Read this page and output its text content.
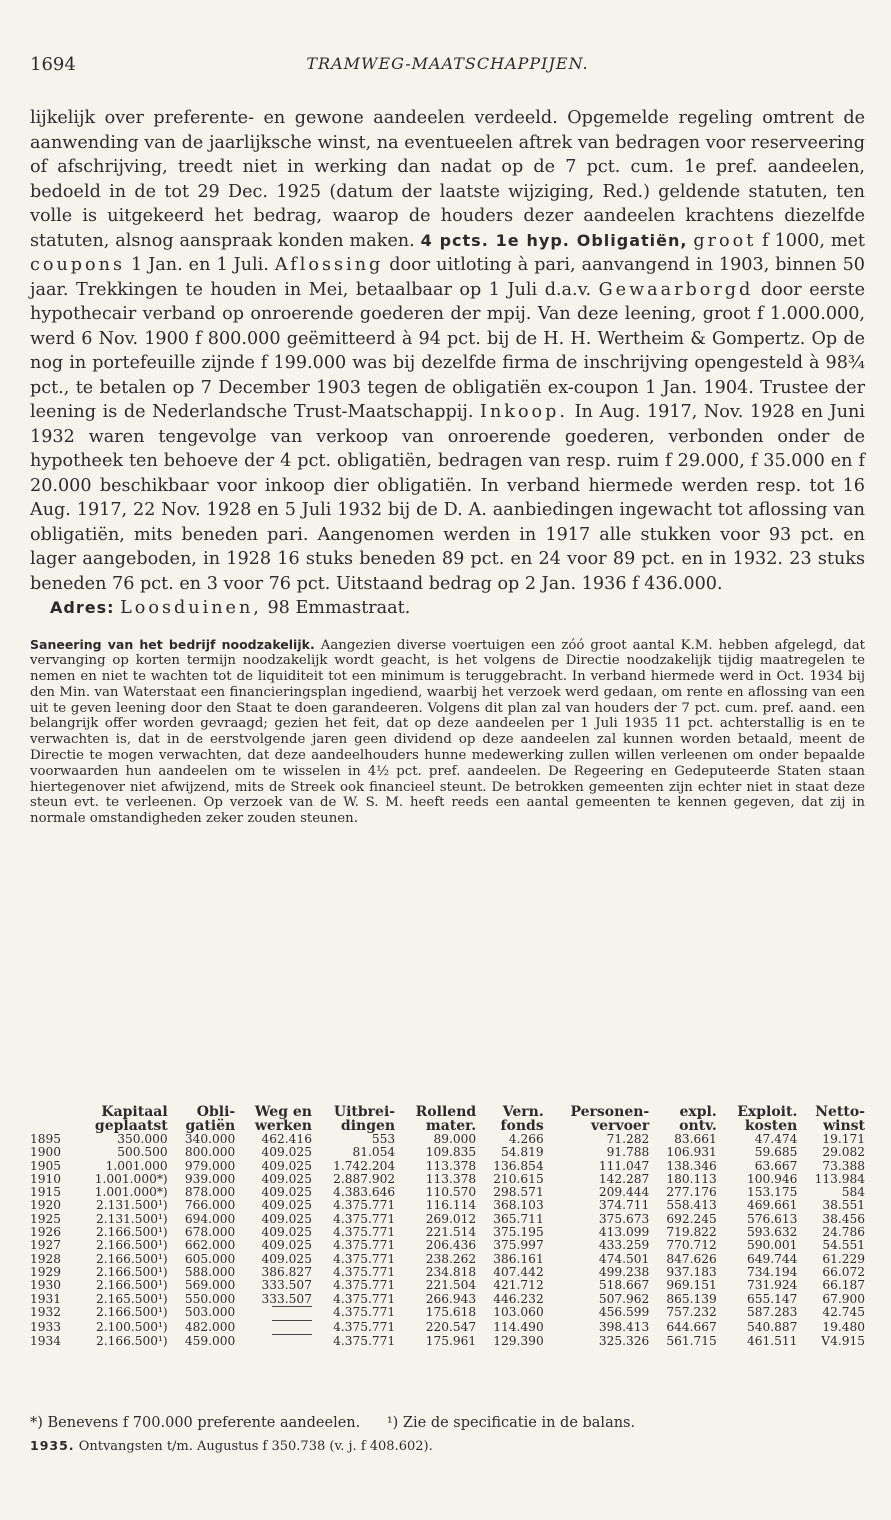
1694	TRAMWEG-MAATSCHAPPIJEN.

lijkelijk over preferente- en gewone aandeelen verdeeld. Opgemelde regeling omtrent de aanwending van de jaarlijksche winst, na eventueelen aftrek van bedragen voor reserveering of afschrijving, treedt niet in werking dan nadat op de 7 pct. cum. 1e pref. aandeelen, bedoeld in de tot 29 Dec. 1925 (datum der laatste wijziging, Red.) geldende statuten, ten volle is uitgekeerd het bedrag, waarop de houders dezer aandeelen krachtens diezelfde statuten, alsnog aanspraak konden maken. 4 pcts. 1e hyp. Obligatiën, groot f 1000, met coupons 1 Jan. en 1 Juli. Aflossing door uitloting à pari, aanvangend in 1903, binnen 50 jaar. Trekkingen te houden in Mei, betaalbaar op 1 Juli d.a.v. Gewaarborgd door eerste hypothecair verband op onroerende goederen der mpij. Van deze leening, groot f 1.000.000, werd 6 Nov. 1900 f 800.000 geëmitteerd à 94 pct. bij de H. H. Wertheim & Gompertz. Op de nog in portefeuille zijnde f 199.000 was bij dezelfde firma de inschrijving opengesteld à 98¾ pct., te betalen op 7 December 1903 tegen de obligatiën ex-coupon 1 Jan. 1904. Trustee der leening is de Nederlandsche Trust-Maatschappij. Inkoop. In Aug. 1917, Nov. 1928 en Juni 1932 waren tengevolge van verkoop van onroerende goederen, verbonden onder de hypotheek ten behoeve der 4 pct. obligatiën, bedragen van resp. ruim f 29.000, f 35.000 en f 20.000 beschikbaar voor inkoop dier obligatiën. In verband hiermede werden resp. tot 16 Aug. 1917, 22 Nov. 1928 en 5 Juli 1932 bij de D. A. aanbiedingen ingewacht tot aflossing van obligatiën, mits beneden pari. Aangenomen werden in 1917 alle stukken voor 93 pct. en lager aangeboden, in 1928 16 stuks beneden 89 pct. en 24 voor 89 pct. en in 1932. 23 stuks beneden 76 pct. en 3 voor 76 pct. Uitstaand bedrag op 2 Jan. 1936 f 436.000.

Adres: Loosduinen, 98 Emmastraat.

Saneering van het bedrijf noodzakelijk. Aangezien diverse voertuigen een zóó groot aantal K.M. hebben afgelegd, dat vervanging op korten termijn noodzakelijk wordt geacht, is het volgens de Directie noodzakelijk tijdig maatregelen te nemen en niet te wachten tot de liquiditeit tot een minimum is teruggebracht. In verband hiermede werd in Oct. 1934 bij den Min. van Waterstaat een financieringsplan ingediend, waarbij het verzoek werd gedaan, om rente en aflossing van een uit te geven leening door den Staat te doen garandeeren. Volgens dit plan zal van houders der 7 pct. cum. pref. aand. een belangrijk offer worden gevraagd; gezien het feit, dat op deze aandeelen per 1 Juli 1935 11 pct. achterstallig is en te verwachten is, dat in de eerstvolgende jaren geen dividend op deze aandeelen zal kunnen worden betaald, meent de Directie te mogen verwachten, dat deze aandeelhouders hunne medewerking zullen willen verleenen om onder bepaalde voorwaarden hun aandeelen om te wisselen in 4½ pct. pref. aandeelen. De Regeering en Gedeputeerde Staten staan hiertegenover niet afwijzend, mits de Streek ook financieel steunt. De betrokken gemeenten zijn echter niet in staat deze steun evt. te verleenen. Op verzoek van de W. S. M. heeft reeds een aantal gemeenten te kennen gegeven, dat zij in normale omstandigheden zeker zouden steunen.
	Kapitaal	Obli-	Weg en	Uitbrei-	Rollend	Vern.	Personen-	expl.	Exploit.	Netto-
	geplaatst	gatiën	werken	dingen	mater.	fonds	vervoer	ontv.	kosten	winst
1895	350.000	340.000	462.416	553	89.000	4.266	71.282	83.661	47.474	19.171
1900	500.500	800.000	409.025	81.054	109.835	54.819	91.788	106.931	59.685	29.082
1905	1.001.000	979.000	409.025	1.742.204	113.378	136.854	111.047	138.346	63.667	73.388
1910	1.001.000*)	939.000	409.025	2.887.902	113.378	210.615	142.287	180.113	100.946	113.984
1915	1.001.000*)	878.000	409.025	4.383.646	110.570	298.571	209.444	277.176	153.175	584
1920	2.131.500¹)	766.000	409.025	4.375.771	116.114	368.103	374.711	558.413	469.661	38.551
1925	2.131.500¹)	694.000	409.025	4.375.771	269.012	365.711	375.673	692.245	576.613	38.456
1926	2.166.500¹)	678.000	409.025	4.375.771	221.514	375.195	413.099	719.822	593.632	24.786
1927	2.166.500¹)	662.000	409.025	4.375.771	206.436	375.997	433.259	770.712	590.001	54.551
1928	2.166.500¹)	605.000	409.025	4.375.771	238.262	386.161	474.501	847.626	649.744	61.229
1929	2.166.500¹)	588.000	386.827	4.375.771	234.818	407.442	499.238	937.183	734.194	66.072
1930	2.166.500¹)	569.000	333.507	4.375.771	221.504	421.712	518.667	969.151	731.924	66.187
1931	2.165.500¹)	550.000	333.507	4.375.771	266.943	446.232	507.962	865.139	655.147	67.900
1932	2.166.500¹)	503.000		4.375.771	175.618	103.060	456.599	757.232	587.283	42.745
1933	2.100.500¹)	482.000		4.375.771	220.547	114.490	398.413	644.667	540.887	19.480
1934	2.166.500¹)	459.000		4.375.771	175.961	129.390	325.326	561.715	461.511	V4.915
*) Benevens f 700.000 preferente aandeelen. ¹) Zie de specificatie in de balans.
1935. Ontvangsten t/m. Augustus f 350.738 (v. j. f 408.602).
